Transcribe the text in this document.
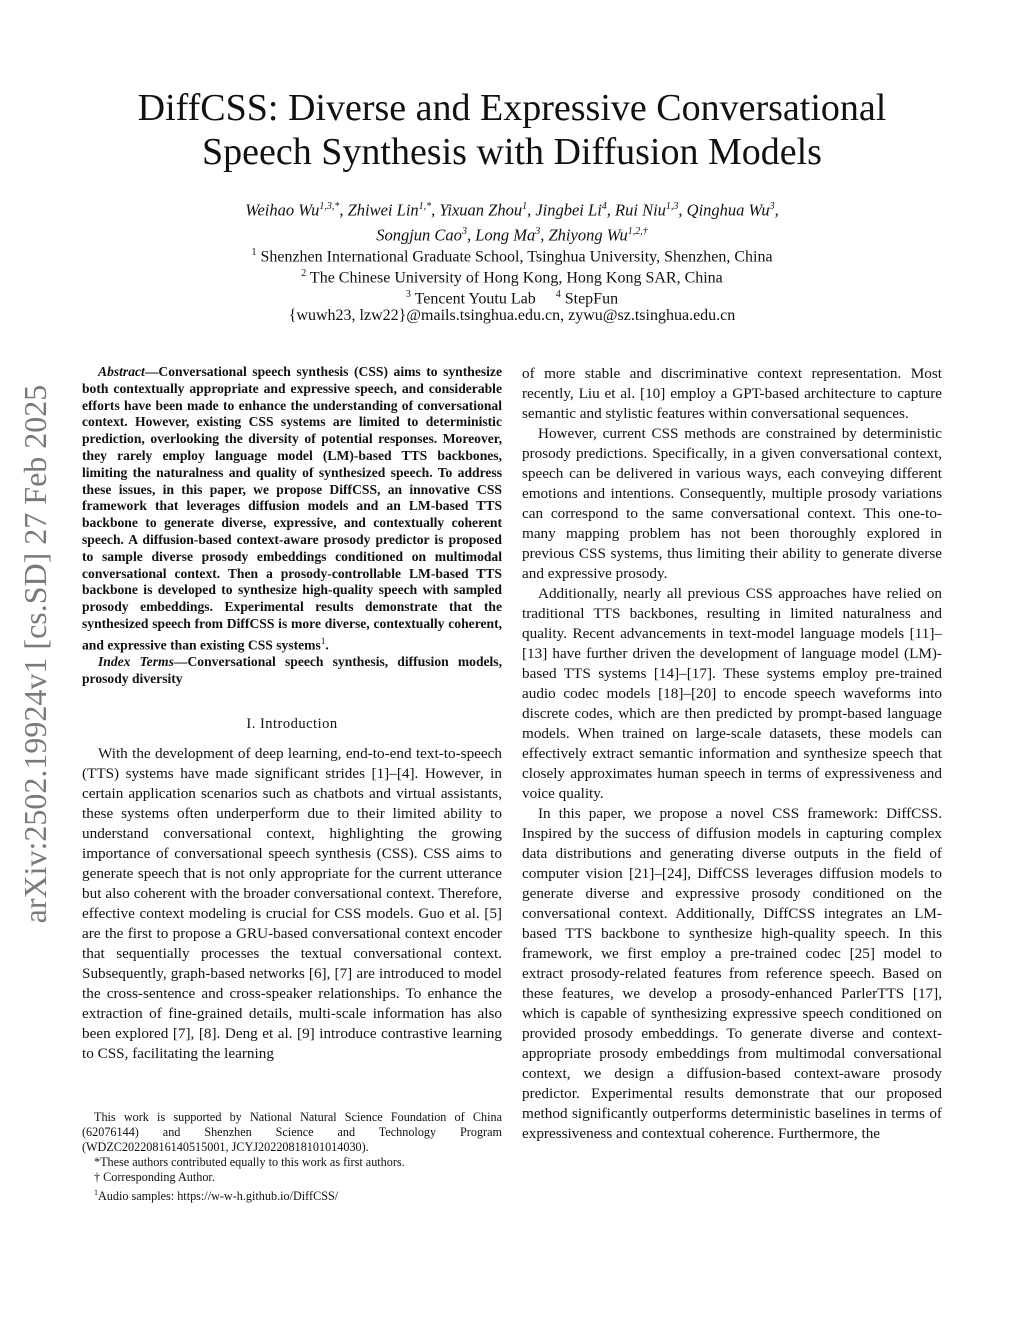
DiffCSS: Diverse and Expressive Conversational
Speech Synthesis with Diffusion Models
Weihao $Wu^{1,3,*}$, Zhiwei Lin$^{1,*}$, Yixuan Zhou$^1$, Jingbei Li$^4$, Rui Niu$^{1,3}$, Qinghua Wu$^3$,
Songjun Cao$^3$, Long Ma$^3$, Zhiyong $Wu^{1,2,\dagger}$
$^1$ Shenzhen International Graduate School, Tsinghua University, Shenzhen, China
$^2$ The Chinese University of Hong Kong, Hong Kong SAR, China
$^3$ Tencent Youtu Lab $^4$ StepFun
{wuwh23, lzw22}@mails.tsinghua.edu.cn, zywu@sz.tsinghua.edu.cn
arXiv:2502.19924v1 [cs.SD] 27 Feb 2025

Abstract—Conversational speech synthesis (CSS) aims to synthesize both contextually appropriate and expressive speech, and considerable efforts have been made to enhance the understanding of conversational context. However, existing CSS systems are limited to deterministic prediction, overlooking the diversity of potential responses. Moreover, they rarely employ language model (LM)-based TTS backbones, limiting the naturalness and quality of synthesized speech. To address these issues, in this paper, we propose DiffCSS, an innovative CSS framework that leverages diffusion models and an LM-based TTS backbone to generate diverse, expressive, and contextually coherent speech. A diffusion-based context-aware prosody predictor is proposed to sample diverse prosody embeddings conditioned on multimodal conversational context. Then a prosody-controllable LM-based TTS backbone is developed to synthesize high-quality speech with sampled prosody embeddings. Experimental results demonstrate that the synthesized speech from DiffCSS is more diverse, contextually coherent, and expressive than existing CSS systems$^1$.

Index Terms—Conversational speech synthesis, diffusion models, prosody diversity

I. Introduction

With the development of deep learning, end-to-end text-to-speech (TTS) systems have made significant strides [1]–[4]. However, in certain application scenarios such as chatbots and virtual assistants, these systems often underperform due to their limited ability to understand conversational context, highlighting the growing importance of conversational speech synthesis (CSS). CSS aims to generate speech that is not only appropriate for the current utterance but also coherent with the broader conversational context. Therefore, effective context modeling is crucial for CSS models. Guo et al. [5] are the first to propose a GRU-based conversational context encoder that sequentially processes the textual conversational context. Subsequently, graph-based networks [6], [7] are introduced to model the cross-sentence and cross-speaker relationships. To enhance the extraction of fine-grained details, multi-scale information has also been explored [7], [8]. Deng et al. [9] introduce contrastive learning to CSS, facilitating the learning

This work is supported by National Natural Science Foundation of China (62076144) and Shenzhen Science and Technology Program (WDZC20220816140515001, JCYJ20220818101014030).

*These authors contributed equally to this work as first authors.

† Corresponding Author.

$^1$Audio samples: https://w-w-h.github.io/DiffCSS/

of more stable and discriminative context representation. Most recently, Liu et al. [10] employ a GPT-based architecture to capture semantic and stylistic features within conversational sequences.

However, current CSS methods are constrained by deterministic prosody predictions. Specifically, in a given conversational context, speech can be delivered in various ways, each conveying different emotions and intentions. Consequently, multiple prosody variations can correspond to the same conversational context. This one-to-many mapping problem has not been thoroughly explored in previous CSS systems, thus limiting their ability to generate diverse and expressive prosody.

Additionally, nearly all previous CSS approaches have relied on traditional TTS backbones, resulting in limited naturalness and quality. Recent advancements in text-model language models [11]–[13] have further driven the development of language model (LM)-based TTS systems [14]–[17]. These systems employ pre-trained audio codec models [18]–[20] to encode speech waveforms into discrete codes, which are then predicted by prompt-based language models. When trained on large-scale datasets, these models can effectively extract semantic information and synthesize speech that closely approximates human speech in terms of expressiveness and voice quality.

In this paper, we propose a novel CSS framework: DiffCSS. Inspired by the success of diffusion models in capturing complex data distributions and generating diverse outputs in the field of computer vision [21]–[24], DiffCSS leverages diffusion models to generate diverse and expressive prosody conditioned on the conversational context. Additionally, DiffCSS integrates an LM-based TTS backbone to synthesize high-quality speech. In this framework, we first employ a pre-trained codec [25] model to extract prosody-related features from reference speech. Based on these features, we develop a prosody-enhanced ParlerTTS [17], which is capable of synthesizing expressive speech conditioned on provided prosody embeddings. To generate diverse and context-appropriate prosody embeddings from multimodal conversational context, we design a diffusion-based context-aware prosody predictor. Experimental results demonstrate that our proposed method significantly outperforms deterministic baselines in terms of expressiveness and contextual coherence. Furthermore, the
